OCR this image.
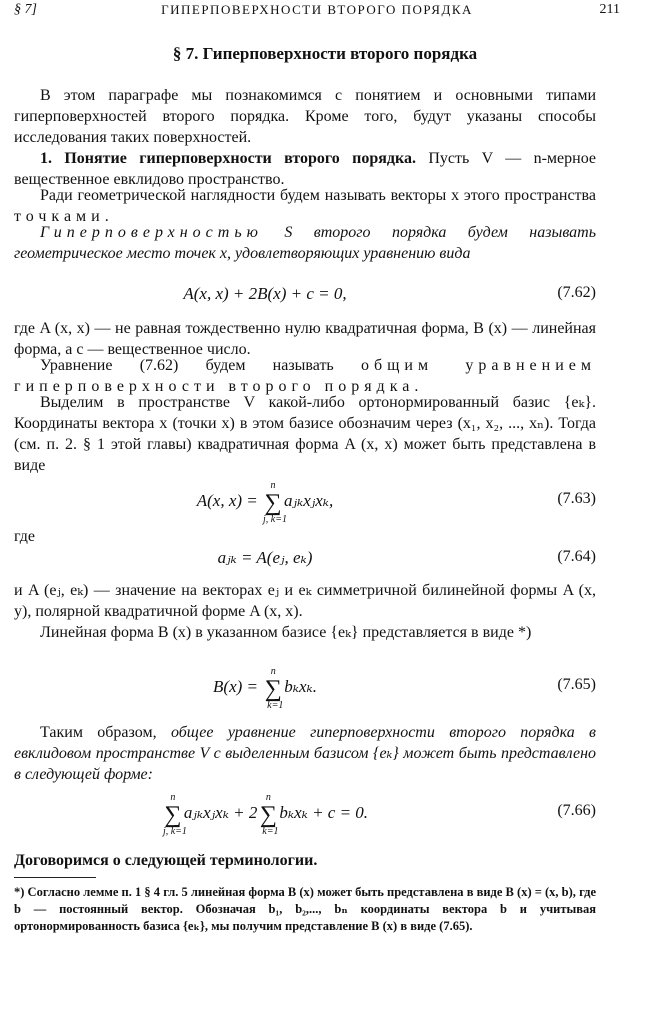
§ 7]	ГИПЕРПОВЕРХНОСТИ ВТОРОГО ПОРЯДКА	211
§ 7. Гиперповерхности второго порядка
В этом параграфе мы познакомимся с понятием и основными типами гиперповерхностей второго порядка. Кроме того, будут указаны способы исследования таких поверхностей.
1. Понятие гиперповерхности второго порядка. Пусть V — n-мерное вещественное евклидово пространство.
Ради геометрической наглядности будем называть векторы x этого пространства точками.
Гиперповерхностью S второго порядка будем называть геометрическое место точек x, удовлетворяющих уравнению вида
A(x, x) + 2B(x) + c = 0,	(7.62)
где A (x, x) — не равная тождественно нулю квадратичная форма, B (x) — линейная форма, а c — вещественное число.
Уравнение (7.62) будем называть общим уравнением гиперповерхности второго порядка.
Выделим в пространстве V какой-либо ортонормированный базис {eₖ}. Координаты вектора x (точки x) в этом базисе обозначим через (x₁, x₂, ..., xₙ). Тогда (см. п. 2. § 1 этой главы) квадратичная форма A (x, x) может быть представлена в виде
A(x, x) = ∑
n
j, k=1
aⱼₖxⱼxₖ,	(7.63)
где
aⱼₖ = A(eⱼ, eₖ)	(7.64)
и A (eⱼ, eₖ) — значение на векторах eⱼ и eₖ симметричной билинейной формы A (x, y), полярной квадратичной форме A (x, x).
Линейная форма B (x) в указанном базисе {eₖ} представляется в виде *)
B(x) = ∑
n
k=1
bₖxₖ.	(7.65)
Таким образом, общее уравнение гиперповерхности второго порядка в евклидовом пространстве V с выделенным базисом {eₖ} может быть представлено в следующей форме:
∑
n
j, k=1
aⱼₖxⱼxₖ + 2 ∑
n
k=1
bₖxₖ + c = 0.	(7.66)
Договоримся о следующей терминологии.
*) Согласно лемме п. 1 § 4 гл. 5 линейная форма B (x) может быть представлена в виде B (x) = (x, b), где b — постоянный вектор. Обозначая b₁, b₂,..., bₙ координаты вектора b и учитывая ортонормированность базиса {eₖ}, мы получим представление B (x) в виде (7.65).
